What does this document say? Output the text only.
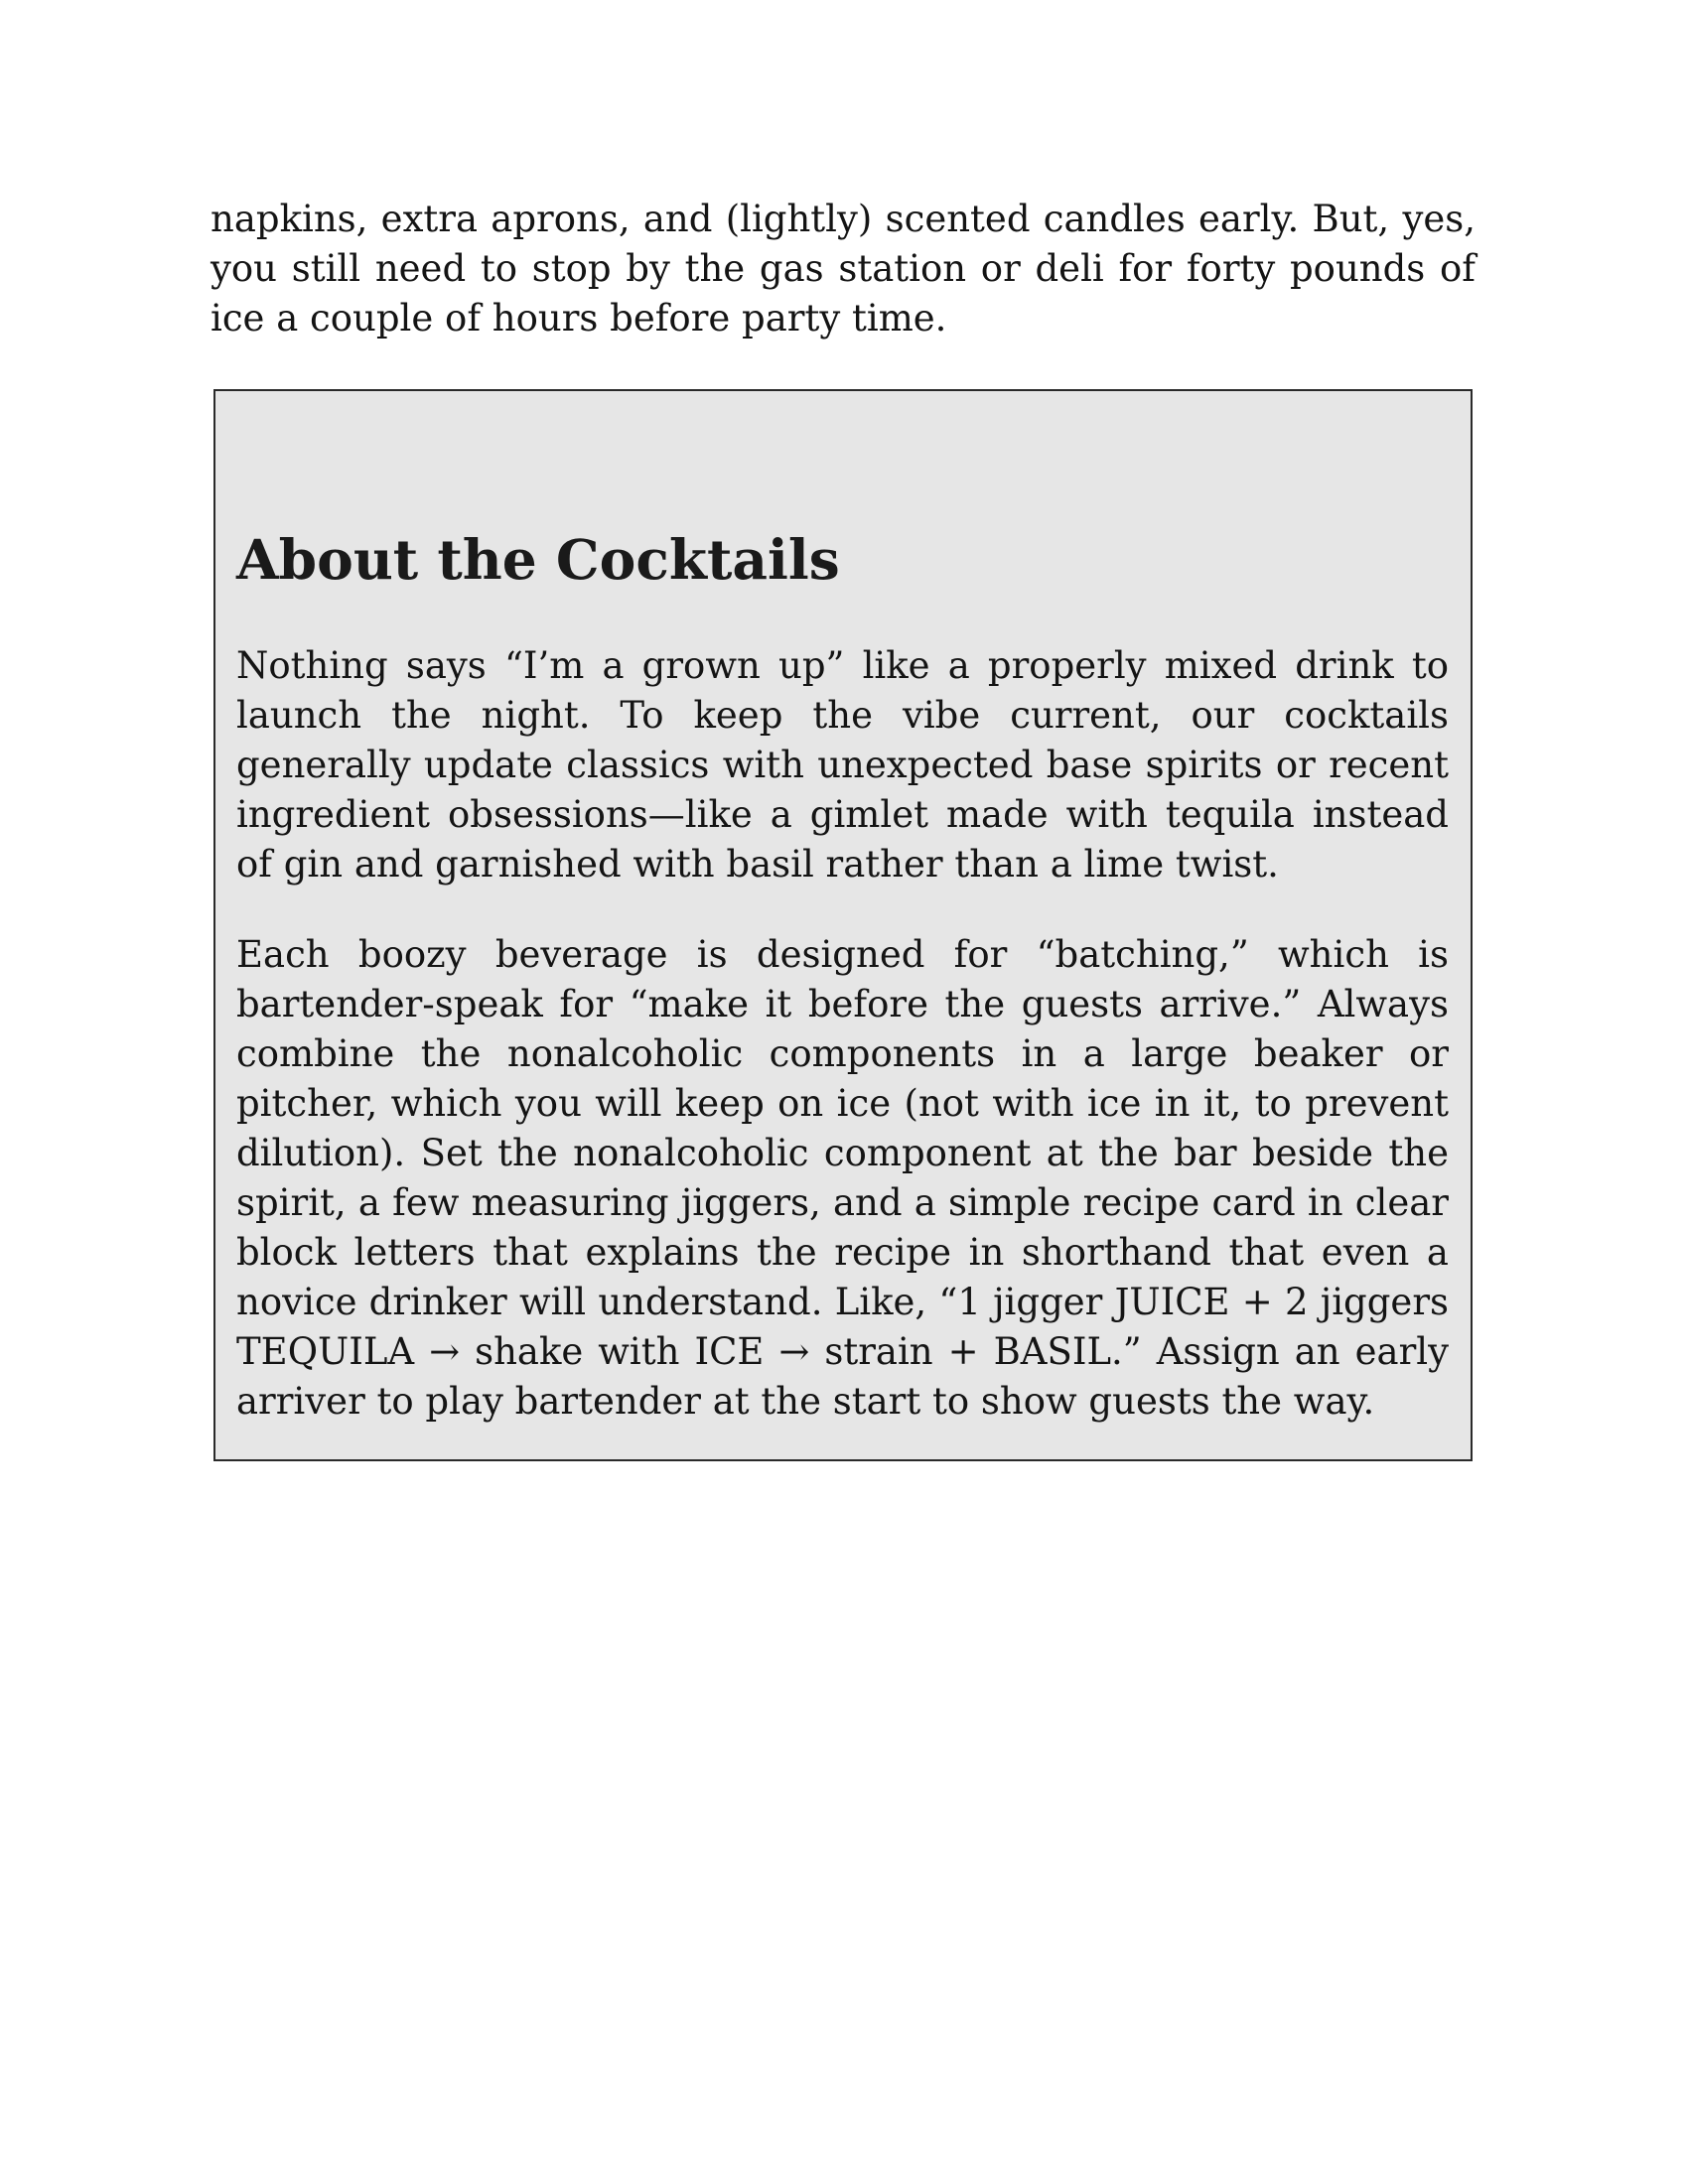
napkins, extra aprons, and (lightly) scented candles early. But, yes, you still need to stop by the gas station or deli for forty pounds of ice a couple of hours before party time.

About the Cocktails

Nothing says “I’m a grown up” like a properly mixed drink to launch the night. To keep the vibe current, our cocktails generally update classics with unexpected base spirits or recent ingredient obsessions—like a gimlet made with tequila instead of gin and garnished with basil rather than a lime twist.

Each boozy beverage is designed for “batching,” which is bartender-speak for “make it before the guests arrive.” Always combine the nonalcoholic components in a large beaker or pitcher, which you will keep on ice (not with ice in it, to prevent dilution). Set the nonalcoholic component at the bar beside the spirit, a few measuring jiggers, and a simple recipe card in clear block letters that explains the recipe in shorthand that even a novice drinker will understand. Like, “1 jigger JUICE + 2 jiggers TEQUILA → shake with ICE → strain + BASIL.” Assign an early arriver to play bartender at the start to show guests the way.
